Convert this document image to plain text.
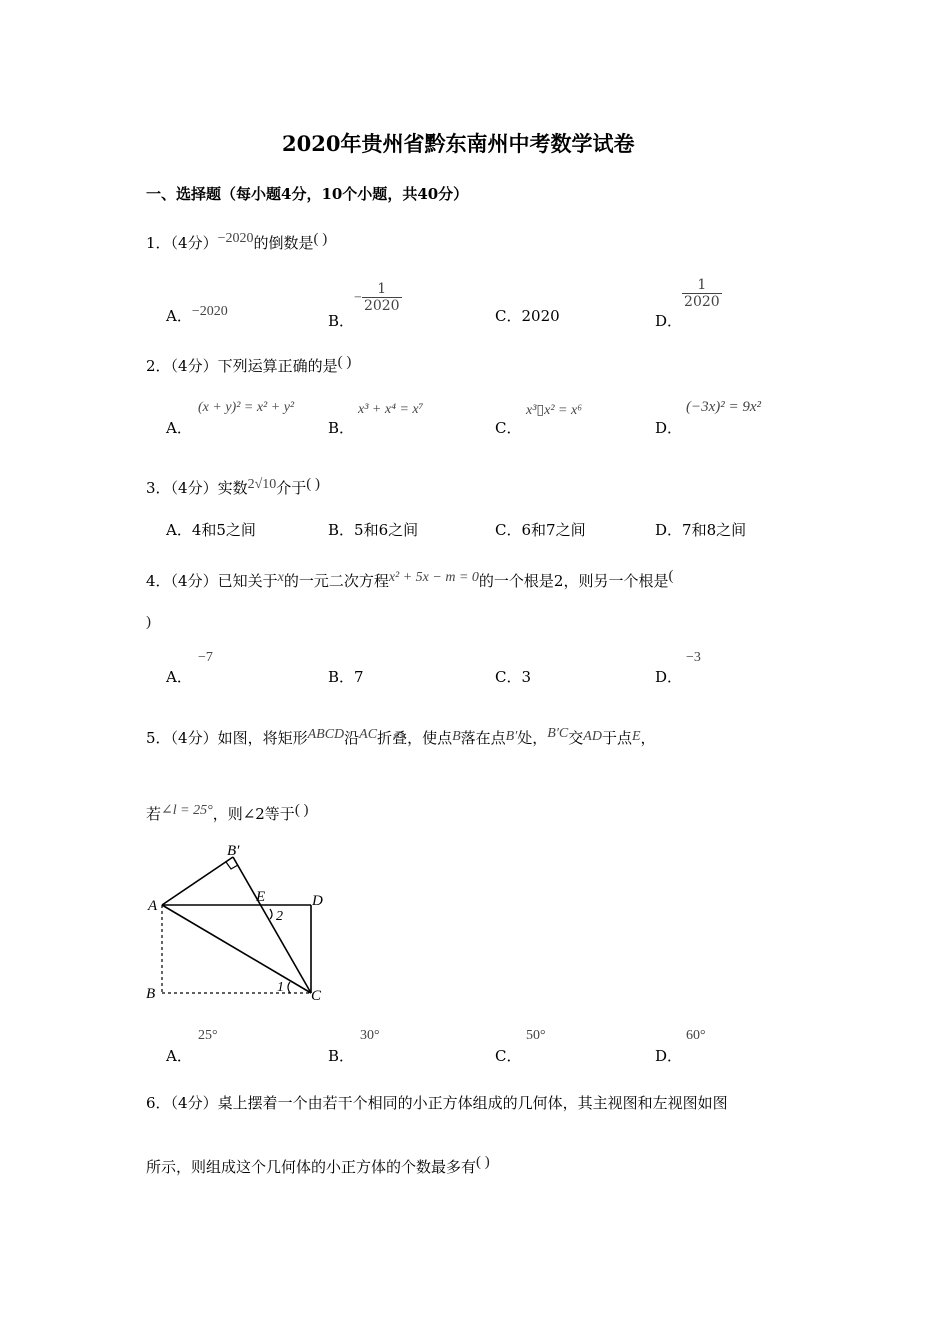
2020年贵州省黔东南州中考数学试卷
一、选择题（每小题4分，10个小题，共40分）
1．（4分）−2020的倒数是( )
A．−2020	B．− $\frac{1}{2020}$
C．2020	D．
$\frac{1}{2020}$
2．（4分）下列运算正确的是( )
A．
(x + y)² = x² + y²
B．
x³ + x⁴ = x⁷
C．
x³▯x² = x⁶
D．
(−3x)² = 9x²
3．（4分）实数2√10介于( )
A．4和5之间	B．5和6之间	C．6和7之间	D．7和8之间
4．（4分）已知关于x的一元二次方程x² + 5x − m = 0的一个根是2，则另一个根是(
)
A．
−7
B．7	C．3	D．
−3
5．（4分）如图，将矩形ABCD沿AC折叠，使点B落在点B′处，B′C交AD于点E，
若∠l = 25°，则∠2等于( )
A
B	C
D
E
B′
2
1
A．
25°
B．
30°
C．
50°
D．
60°
6．（4分）桌上摆着一个由若干个相同的小正方体组成的几何体，其主视图和左视图如图
所示，则组成这个几何体的小正方体的个数最多有( )
